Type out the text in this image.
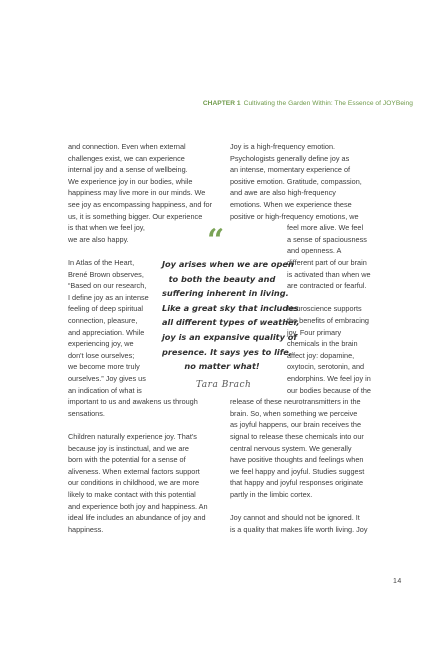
CHAPTER 1 Cultivating the Garden Within: The Essence of JOYBeing
and connection. Even when external
challenges exist, we can experience
internal joy and a sense of wellbeing.
We experience joy in our bodies, while
happiness may live more in our minds. We
see joy as encompassing happiness, and for
us, it is something bigger. Our experience
is that when we feel joy,
we are also happy.
In Atlas of the Heart,
Brené Brown observes,
“Based on our research,
I define joy as an intense
feeling of deep spiritual
connection, pleasure,
and appreciation. While
experiencing joy, we
don't lose ourselves;
we become more truly
ourselves.” Joy gives us
an indication of what is
important to us and awakens us through
sensations.
Children naturally experience joy. That's
because joy is instinctual, and we are
born with the potential for a sense of
aliveness. When external factors support
our conditions in childhood, we are more
likely to make contact with this potential
and experience both joy and happiness. An
ideal life includes an abundance of joy and
happiness.
Joy is a high-frequency emotion.
Psychologists generally define joy as
an intense, momentary experience of
positive emotion. Gratitude, compassion,
and awe are also high-frequency
emotions. When we experience these
positive or high-frequency emotions, we
feel more alive. We feel
a sense of spaciousness
and openness. A
different part of our brain
is activated than when we
are contracted or fearful.
Neuroscience supports
the benefits of embracing
joy. Four primary
chemicals in the brain
affect joy: dopamine,
oxytocin, serotonin, and
endorphins. We feel joy in
our bodies because of the
release of these neurotransmitters in the
brain. So, when something we perceive
as joyful happens, our brain receives the
signal to release these chemicals into our
central nervous system. We generally
have positive thoughts and feelings when
we feel happy and joyful. Studies suggest
that happy and joyful responses originate
partly in the limbic cortex.
Joy cannot and should not be ignored. It
is a quality that makes life worth living. Joy
“
Joy arises when we are open
to both the beauty and
suffering inherent in living.
Like a great sky that includes
all different types of weather,
joy is an expansive quality of
presence. It says yes to life,
no matter what!
Tara Brach
14
